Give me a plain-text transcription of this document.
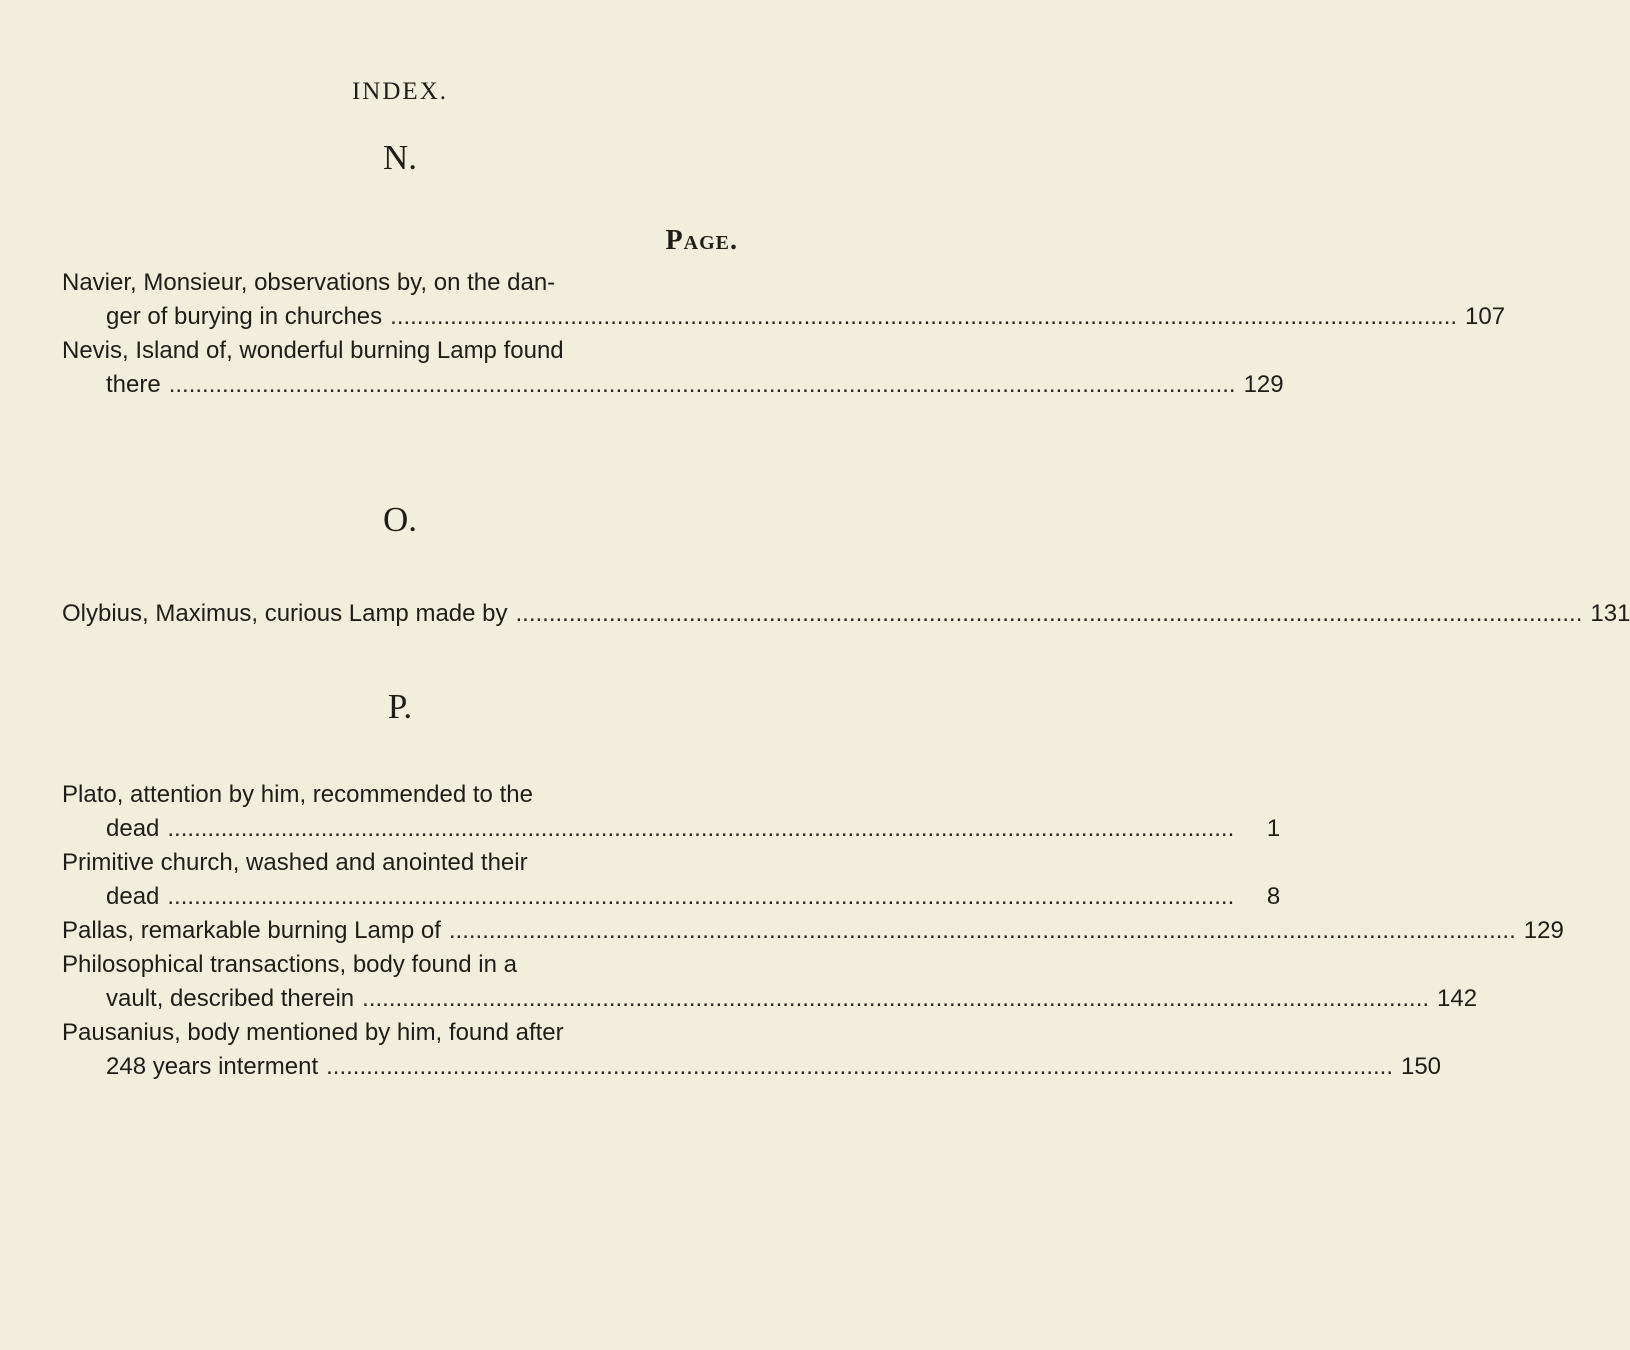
INDEX.
N.
Page.
Navier, Monsieur, observations by, on the dan-
ger of burying in churches ................................................................................................................................................................ 107
Nevis, Island of, wonderful burning Lamp found
there ................................................................................................................................................................ 129
O.
Olybius, Maximus, curious Lamp made by ................................................................................................................................................................ 131
P.
Plato, attention by him, recommended to the
dead ................................................................................................................................................................	1
Primitive church, washed and anointed their
dead ................................................................................................................................................................	8
Pallas, remarkable burning Lamp of ................................................................................................................................................................ 129
Philosophical transactions, body found in a
vault, described therein ................................................................................................................................................................ 142
Pausanius, body mentioned by him, found after
248 years interment ................................................................................................................................................................ 150
